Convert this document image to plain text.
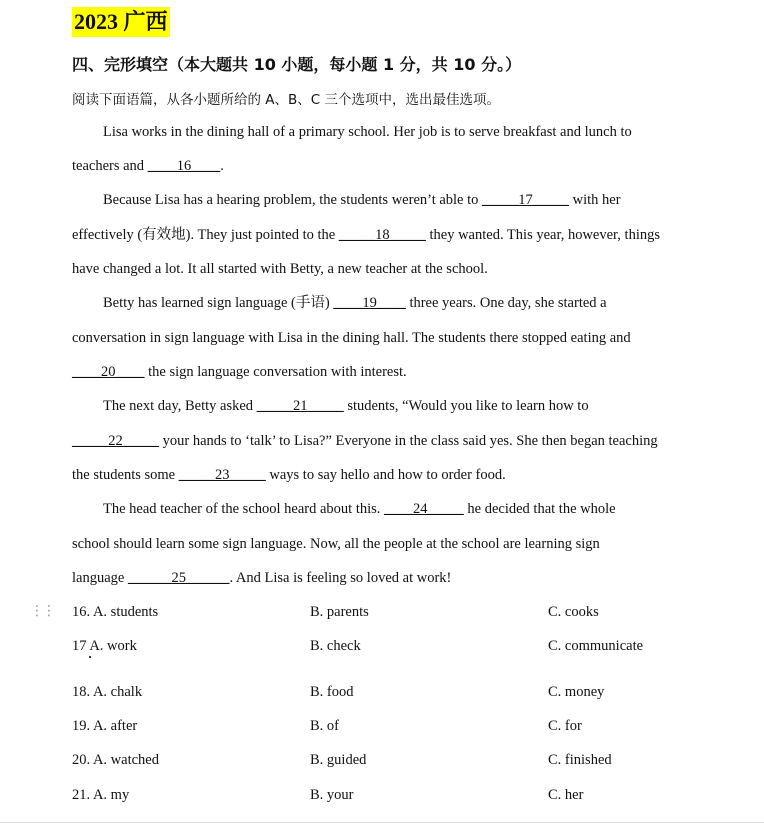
2023 广西
四、完形填空（本大题共 10 小题，每小题 1 分，共 10 分。）
阅读下面语篇，从各小题所给的 A、B、C 三个选项中，选出最佳选项。
Lisa works in the dining hall of a primary school. Her job is to serve breakfast and lunch to
teachers and ____16____.
Because Lisa has a hearing problem, the students weren’t able to _____17_____ with her
effectively (有效地). They just pointed to the _____18_____ they wanted. This year, however, things
have changed a lot. It all started with Betty, a new teacher at the school.
Betty has learned sign language (手语) ____19____ three years. One day, she started a
conversation in sign language with Lisa in the dining hall. The students there stopped eating and
____20____ the sign language conversation with interest.
The next day, Betty asked _____21_____ students, “Would you like to learn how to
_____22_____ your hands to ‘talk’ to Lisa?” Everyone in the class said yes. She then began teaching
the students some _____23_____ ways to say hello and how to order food.
The head teacher of the school heard about this. ____24_____ he decided that the whole
school should learn some sign language. Now, all the people at the school are learning sign
language ______25______. And Lisa is feeling so loved at work!
⋮⋮ 16. A. students	B. parents	C. cooks
17 A. work	B. check	C. communicate
18. A. chalk	B. food	C. money
19. A. after	B. of	C. for
20. A. watched	B. guided	C. finished
21. A. my	B. your	C. her
